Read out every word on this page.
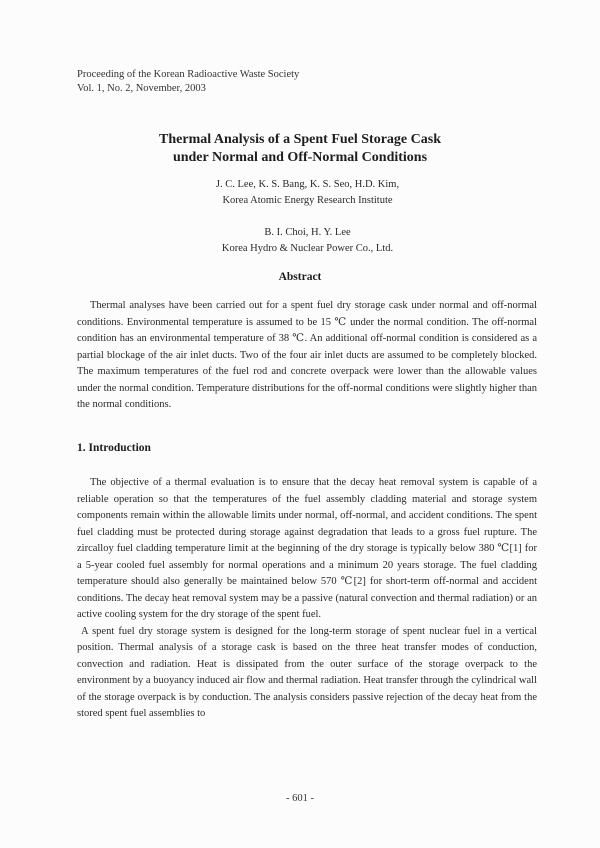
Proceeding of the Korean Radioactive Waste Society
Vol. 1, No. 2, November, 2003
Thermal Analysis of a Spent Fuel Storage Cask
under Normal and Off-Normal Conditions
J. C. Lee, K. S. Bang, K. S. Seo, H.D. Kim,
Korea Atomic Energy Research Institute
B. I. Choi, H. Y. Lee
Korea Hydro & Nuclear Power Co., Ltd.
Abstract

Thermal analyses have been carried out for a spent fuel dry storage cask under normal and off-normal conditions. Environmental temperature is assumed to be 15 ℃ under the normal condition. The off-normal condition has an environmental temperature of 38 ℃. An additional off-normal condition is considered as a partial blockage of the air inlet ducts. Two of the four air inlet ducts are assumed to be completely blocked. The maximum temperatures of the fuel rod and concrete overpack were lower than the allowable values under the normal condition. Temperature distributions for the off-normal conditions were slightly higher than the normal conditions.

1. Introduction

The objective of a thermal evaluation is to ensure that the decay heat removal system is capable of a reliable operation so that the temperatures of the fuel assembly cladding material and storage system components remain within the allowable limits under normal, off-normal, and accident conditions. The spent fuel cladding must be protected during storage against degradation that leads to a gross fuel rupture. The zircalloy fuel cladding temperature limit at the beginning of the dry storage is typically below 380 ℃[1] for a 5-year cooled fuel assembly for normal operations and a minimum 20 years storage. The fuel cladding temperature should also generally be maintained below 570 ℃[2] for short-term off-normal and accident conditions. The decay heat removal system may be a passive (natural convection and thermal radiation) or an active cooling system for the dry storage of the spent fuel.

A spent fuel dry storage system is designed for the long-term storage of spent nuclear fuel in a vertical position. Thermal analysis of a storage cask is based on the three heat transfer modes of conduction, convection and radiation. Heat is dissipated from the outer surface of the storage overpack to the environment by a buoyancy induced air flow and thermal radiation. Heat transfer through the cylindrical wall of the storage overpack is by conduction. The analysis considers passive rejection of the decay heat from the stored spent fuel assemblies to

- 601 -
